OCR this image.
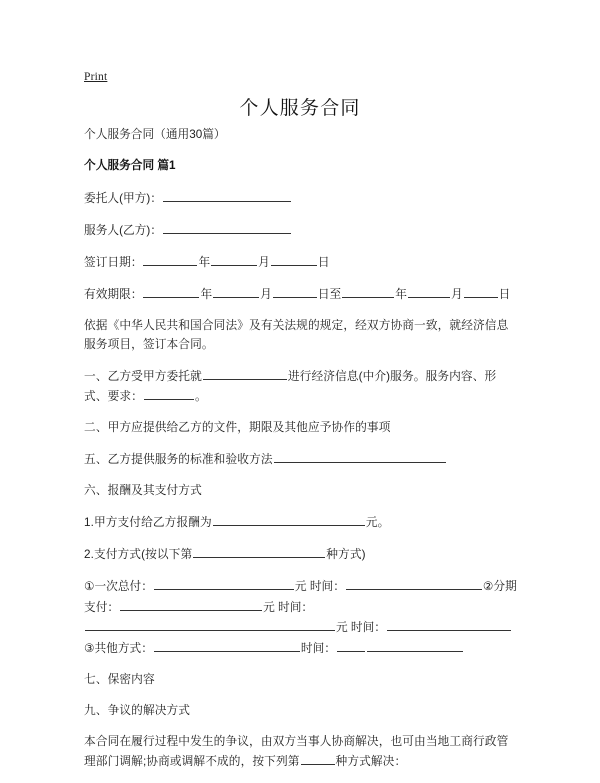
Print
个人服务合同

个人服务合同（通用30篇）

个人服务合同 篇1

委托人(甲方)：

服务人(乙方)：

签订日期：	年	月	日

有效期限：	年	月	日至	年	月	日

依据《中华人民共和国合同法》及有关法规的规定，经双方协商一致，就经济信息服务项目，签订本合同。

一、乙方受甲方委托就	进行经济信息(中介)服务。服务内容、形式、要求：	。

二、甲方应提供给乙方的文件，期限及其他应予协作的事项

五、乙方提供服务的标准和验收方法

六、报酬及其支付方式

1.甲方支付给乙方报酬为	元。

2.支付方式(按以下第	种方式)

①一次总付：	元 时间：	②分期支付：	元 时间：元 时间：③共他方式：	时间：

七、保密内容

九、争议的解决方式

本合同在履行过程中发生的争议，由双方当事人协商解决，也可由当地工商行政管理部门调解;协商或调解不成的，按下列第	种方式解决：
